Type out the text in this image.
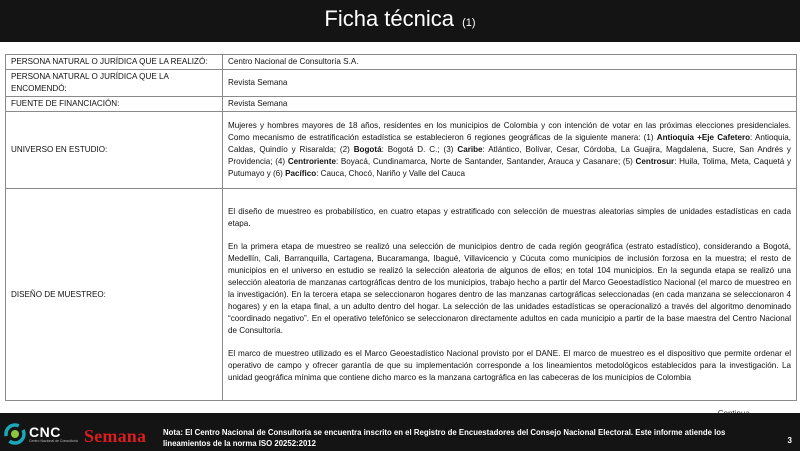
Ficha técnica (1)
PERSONA NATURAL O JURÍDICA QUE LA REALIZÓ:	Centro Nacional de Consultoría S.A.
PERSONA NATURAL O JURÍDICA QUE LA ENCOMENDÓ:	Revista Semana
FUENTE DE FINANCIACIÓN:	Revista Semana
UNIVERSO EN ESTUDIO:	Mujeres y hombres mayores de 18 años, residentes en los municipios de Colombia y con intención de votar en las próximas elecciones presidenciales. Como mecanismo de estratificación estadística se establecieron 6 regiones geográficas de la siguiente manera: (1) Antioquia +Eje Cafetero: Antioquia, Caldas, Quindío y Risaralda; (2) Bogotá: Bogotá D. C.; (3) Caribe: Atlántico, Bolívar, Cesar, Córdoba, La Guajira, Magdalena, Sucre, San Andrés y Providencia; (4) Centroriente: Boyacá, Cundinamarca, Norte de Santander, Santander, Arauca y Casanare; (5) Centrosur: Huila, Tolima, Meta, Caquetá y Putumayo y (6) Pacífico: Cauca, Chocó, Nariño y Valle del Cauca

DISEÑO DE MUESTREO:	El diseño de muestreo es probabilístico, en cuatro etapas y estratificado con selección de muestras aleatorias simples de unidades estadísticas en cada etapa.

En la primera etapa de muestreo se realizó una selección de municipios dentro de cada región geográfica (estrato estadístico), considerando a Bogotá, Medellín, Cali, Barranquilla, Cartagena, Bucaramanga, Ibagué, Villavicencio y Cúcuta como municipios de inclusión forzosa en la muestra; el resto de municipios en el universo en estudio se realizó la selección aleatoria de algunos de ellos; en total 104 municipios. En la segunda etapa se realizó una selección aleatoria de manzanas cartográficas dentro de los municipios, trabajo hecho a partir del Marco Geoestadístico Nacional (el marco de muestreo en la investigación). En la tercera etapa se seleccionaron hogares dentro de las manzanas cartográficas seleccionadas (en cada manzana se seleccionaron 4 hogares) y en la etapa final, a un adulto dentro del hogar. La selección de las unidades estadísticas se operacionalizó a través del algoritmo denominado “coordinado negativo”. En el operativo telefónico se seleccionaron directamente adultos en cada municipio a partir de la base maestra del Centro Nacional de Consultoría.

El marco de muestreo utilizado es el Marco Geoestadístico Nacional provisto por el DANE. El marco de muestreo es el dispositivo que permite ordenar el operativo de campo y ofrecer garantía de que su implementación corresponde a los lineamientos metodológicos establecidos para la investigación. La unidad geográfica mínima que contiene dicho marco es la manzana cartográfica en las cabeceras de los municipios de Colombia

CNC
Centro Nacional de Consultoría Semana Nota: El Centro Nacional de Consultoría se encuentra inscrito en el Registro de Encuestadores del Consejo Nacional Electoral. Este informe atiende los lineamientos de la norma ISO 20252:2012	3
